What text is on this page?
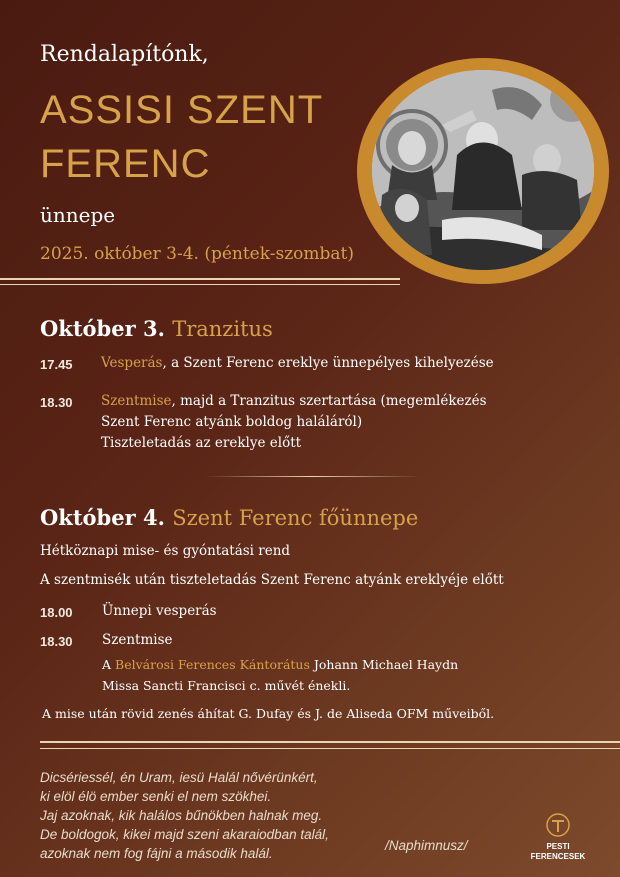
Rendalapítónk,
ASSISI SZENT
FERENC
ünnepe
2025. október 3-4. (péntek-szombat)
Október 3. Tranzitus
17.45 Vesperás, a Szent Ferenc ereklye ünnepélyes kihelyezése
18.30 Szentmise, majd a Tranzitus szertartása (megemlékezés
Szent Ferenc atyánk boldog haláláról)
Tiszteletadás az ereklye előtt
Október 4. Szent Ferenc főünnepe
Hétköznapi mise- és gyóntatási rend
A szentmisék után tiszteletadás Szent Ferenc atyánk ereklyéje előtt
18.00 Ünnepi vesperás
18.30 Szentmise
A Belvárosi Ferences Kántorátus Johann Michael Haydn
Missa Sancti Francisci c. művét énekli.
A mise után rövid zenés áhítat G. Dufay és J. de Aliseda OFM műveiből.
Dicsériessél, én Uram, iesü Halál nővérünkért,
ki elöl élö ember senki el nem szökhei.
Jaj azoknak, kik halálos bűnökben halnak meg.
De boldogok, kikei majd szeni akaraiodban talál,
azoknak nem fog fájni a második halál.
/Naphimnusz/	PESTI
FERENCESEK
